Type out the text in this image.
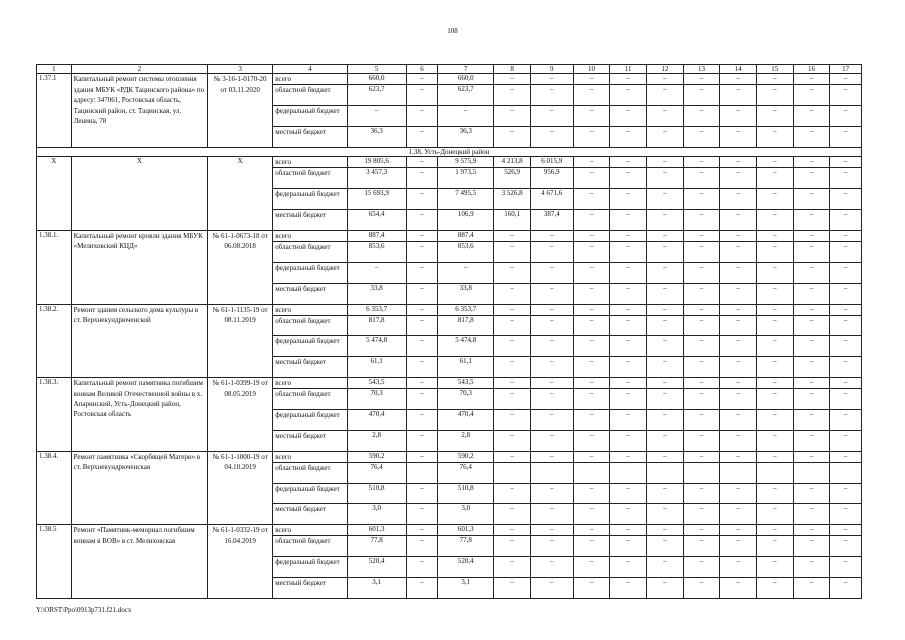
108
1	2	3	4	5	6	7	8	9	10	11	12	13	14	15	16	17
1.37.1	Капитальный ремонт системы отопления здания МБУК «РДК Тацинского района» по адресу: 347061, Ростовская область, Тацинский район, ст. Тацинская, ул. Ленина, 78	№ 3-16-1-0170-20 от 03.11.2020	всего	660,0	–	660,0	–	–	–	–	–	–	–	–	–	–
			областной бюджет	623,7	–	623,7	–	–	–	–	–	–	–	–	–	–
			федеральный бюджет	–	–	–	–	–	–	–	–	–	–	–	–	–
			местный бюджет	36,3	–	36,3	–	–	–	–	–	–	–	–	–	–
1.38. Усть-Донецкий район																
Х	Х	Х	всего	19 805,6	–	9 575,9	4 213,8	6 015,9	–	–	–	–	–	–	–	–
			областной бюджет	3 457,3	–	1 973,5	526,9	956,9	–	–	–	–	–	–	–	–
			федеральный бюджет	15 693,9	–	7 495,5	3 526,8	4 671,6	–	–	–	–	–	–	–	–
			местный бюджет	654,4	–	106,9	160,1	387,4	–	–	–	–	–	–	–	–
1.38.1.	Капитальный ремонт кровли здания МБУК «Мелиховский КЦД»	№ 61-1-0673-18 от 06.08.2018	всего	887,4	–	887,4	–	–	–	–	–	–	–	–	–	–
			областной бюджет	853,6	–	853,6	–	–	–	–	–	–	–	–	–	–
			федеральный бюджет	–	–	–	–	–	–	–	–	–	–	–	–	–
			местный бюджет	33,8	–	33,8	–	–	–	–	–	–	–	–	–	–
1.38.2.	Ремонт здания сельского дома культуры в ст. Верхнекундрюченской	№ 61-1-1135-19 от 08.11.2019	всего	6 353,7	–	6 353,7	–	–	–	–	–	–	–	–	–	–
			областной бюджет	817,8	–	817,8	–	–	–	–	–	–	–	–	–	–
			федеральный бюджет	5 474,8	–	5 474,8	–	–	–	–	–	–	–	–	–	–
			местный бюджет	61,1	–	61,1	–	–	–	–	–	–	–	–	–	–
1.38.3.	Капитальный ремонт памятника погибшим воинам Великой Отечественной войны в х. Апаринский, Усть-Донецкий район, Ростовская область	№ 61-1-0399-19 от 08.05.2019	всего	543,5	–	543,5	–	–	–	–	–	–	–	–	–	–
			областной бюджет	70,3	–	70,3	–	–	–	–	–	–	–	–	–	–
			федеральный бюджет	470,4	–	470,4	–	–	–	–	–	–	–	–	–	–
			местный бюджет	2,8	–	2,8	–	–	–	–	–	–	–	–	–	–
1.38.4.	Ремонт памятника «Скорбящей Матери» в ст. Верхнекундрюченская	№ 61-1-1000-19 от 04.10.2019	всего	590,2	–	590,2	–	–	–	–	–	–	–	–	–	–
			областной бюджет	76,4		76,4										
			федеральный бюджет	510,8	–	510,8	–	–	–	–	–	–	–	–	–	–
			местный бюджет	3,0	–	3,0	–	–	–	–	–	–	–	–	–	–
1.38.5	Ремонт «Памятник-мемориал погибшим воинам в ВОВ» в ст. Мелиховская	№ 61-1-0332-19 от 16.04.2019	всего	601,3	–	601,3	–	–	–	–	–	–	–	–	–	–
			областной бюджет	77,8	–	77,8	–	–	–	–	–	–	–	–	–	–
			федеральный бюджет	520,4	–	520,4	–	–	–	–	–	–	–	–	–	–
			местный бюджет	3,1	–	3,1	–	–	–	–	–	–	–	–	–	–
Y:\ORST\Ppo\0913p731.f21.docx
